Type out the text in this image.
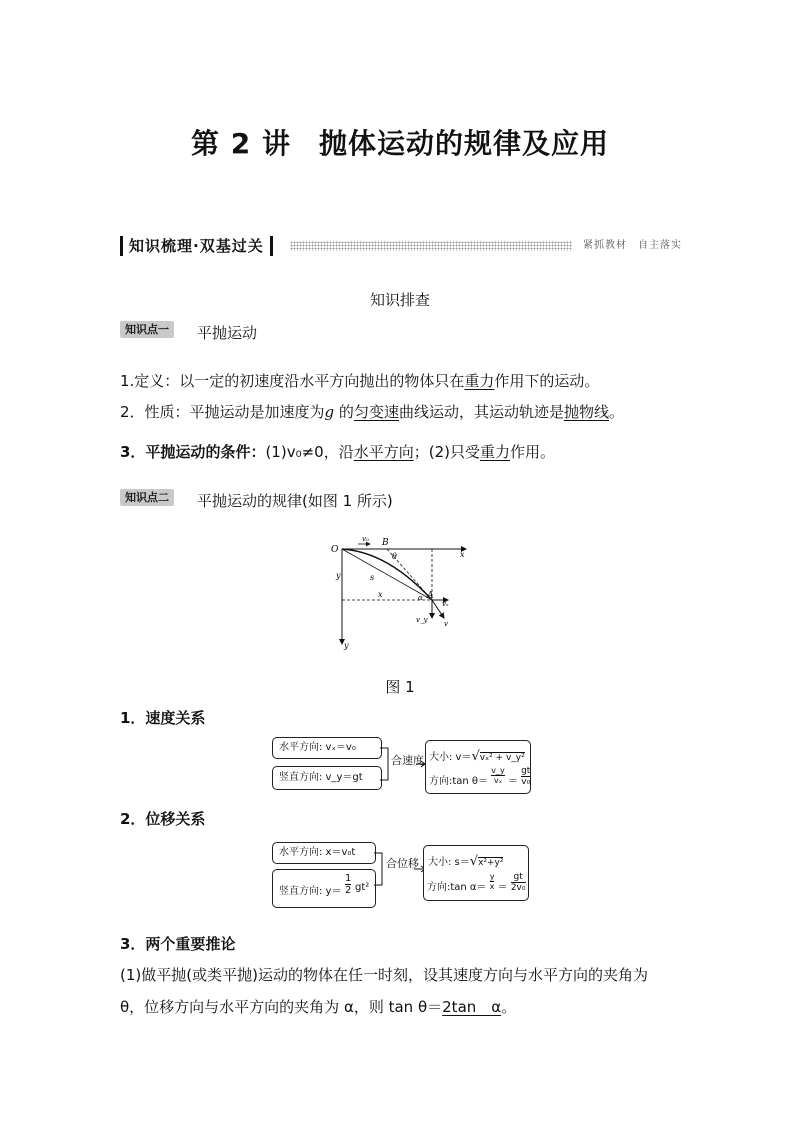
第 2 讲 抛体运动的规律及应用
知识梳理·双基过关	紧抓教材　自主落实
知识排查
知识点一	平抛运动
1.定义：以一定的初速度沿水平方向抛出的物体只在重力作用下的运动。
2．性质：平抛运动是加速度为g 的匀变速曲线运动，其运动轨迹是抛物线。
3．平抛运动的条件：(1)v₀≠0，沿水平方向；(2)只受重力作用。
知识点二	平抛运动的规律(如图 1 所示)
O
v₀ B
θ	x
s
y
x	α A
vₓ
v_y v
y
图 1
1．速度关系
水平方向: vₓ＝v₀
竖直方向: v_y＝gt
合速度 大小: v＝√vₓ² + v_y²
方向:tan $\theta= \frac{v\_y}{\text{vₓ}} = \frac{gt}{\text{v₀}}$
2．位移关系
水平方向: x＝v₀t
竖直方向: y＝
1
2 gt²
合位移 大小: s＝√x²+y²
方向:tan $\alpha= \frac{y}{x} = \frac{gt}{\text{2v₀}}$
3．两个重要推论
(1)做平抛(或类平抛)运动的物体在任一时刻，设其速度方向与水平方向的夹角为
θ，位移方向与水平方向的夹角为 α，则 tan θ＝2tan　α。
